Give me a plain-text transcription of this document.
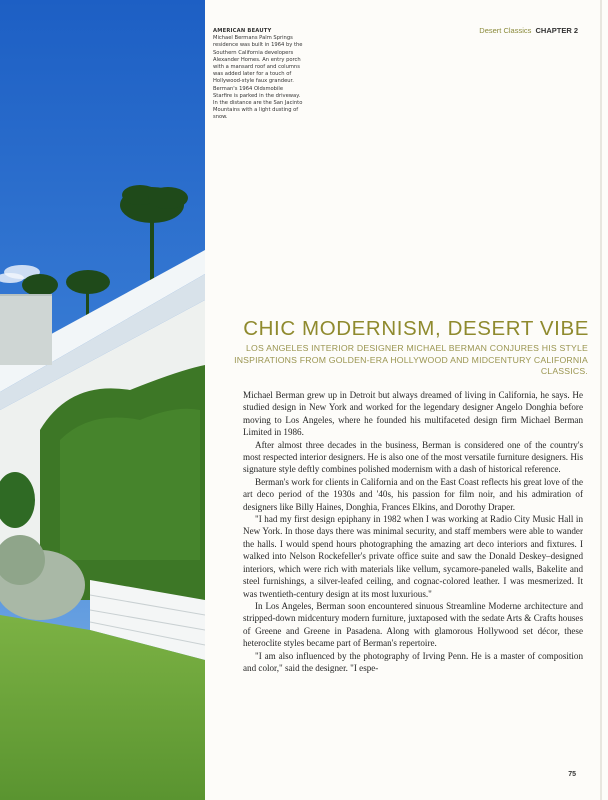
AMERICAN BEAUTY
Michael Bermans Palm Springs residence was built in 1964 by the Southern California developers Alexander Homes. An entry porch with a mansard roof and columns was added later for a touch of Hollywood-style faux grandeur. Berman's 1964 Oldsmobile Starfire is parked in the driveway. In the distance are the San Jacinto Mountains with a light dusting of snow.
Desert Classics CHAPTER 2
CHIC MODERNISM, DESERT VIBE
LOS ANGELES INTERIOR DESIGNER MICHAEL BERMAN CONJURES HIS STYLE INSPIRATIONS FROM GOLDEN-ERA HOLLYWOOD AND MIDCENTURY CALIFORNIA CLASSICS.

Michael Berman grew up in Detroit but always dreamed of living in California, he says. He studied design in New York and worked for the legendary designer Angelo Donghia before moving to Los Angeles, where he founded his multifaceted design firm Michael Berman Limited in 1986.

After almost three decades in the business, Berman is considered one of the country's most respected interior designers. He is also one of the most versatile furniture designers. His signature style deftly combines polished modernism with a dash of historical reference.

Berman's work for clients in California and on the East Coast reflects his great love of the art deco period of the 1930s and '40s, his passion for film noir, and his admiration of designers like Billy Haines, Donghia, Frances Elkins, and Dorothy Draper.

"I had my first design epiphany in 1982 when I was working at Radio City Music Hall in New York. In those days there was minimal security, and staff members were able to wander the halls. I would spend hours photographing the amazing art deco interiors and fixtures. I walked into Nelson Rockefeller's private office suite and saw the Donald Deskey–designed interiors, which were rich with materials like vellum, sycamore-paneled walls, Bakelite and steel furnishings, a silver-leafed ceiling, and cognac-colored leather. I was mesmerized. It was twentieth-century design at its most luxurious."

In Los Angeles, Berman soon encountered sinuous Streamline Moderne architecture and stripped-down midcentury modern furniture, juxtaposed with the sedate Arts & Crafts houses of Greene and Greene in Pasadena. Along with glamorous Hollywood set décor, these heteroclite styles became part of Berman's repertoire.

"I am also influenced by the photography of Irving Penn. He is a master of composition and color," said the designer. "I espe-

75
